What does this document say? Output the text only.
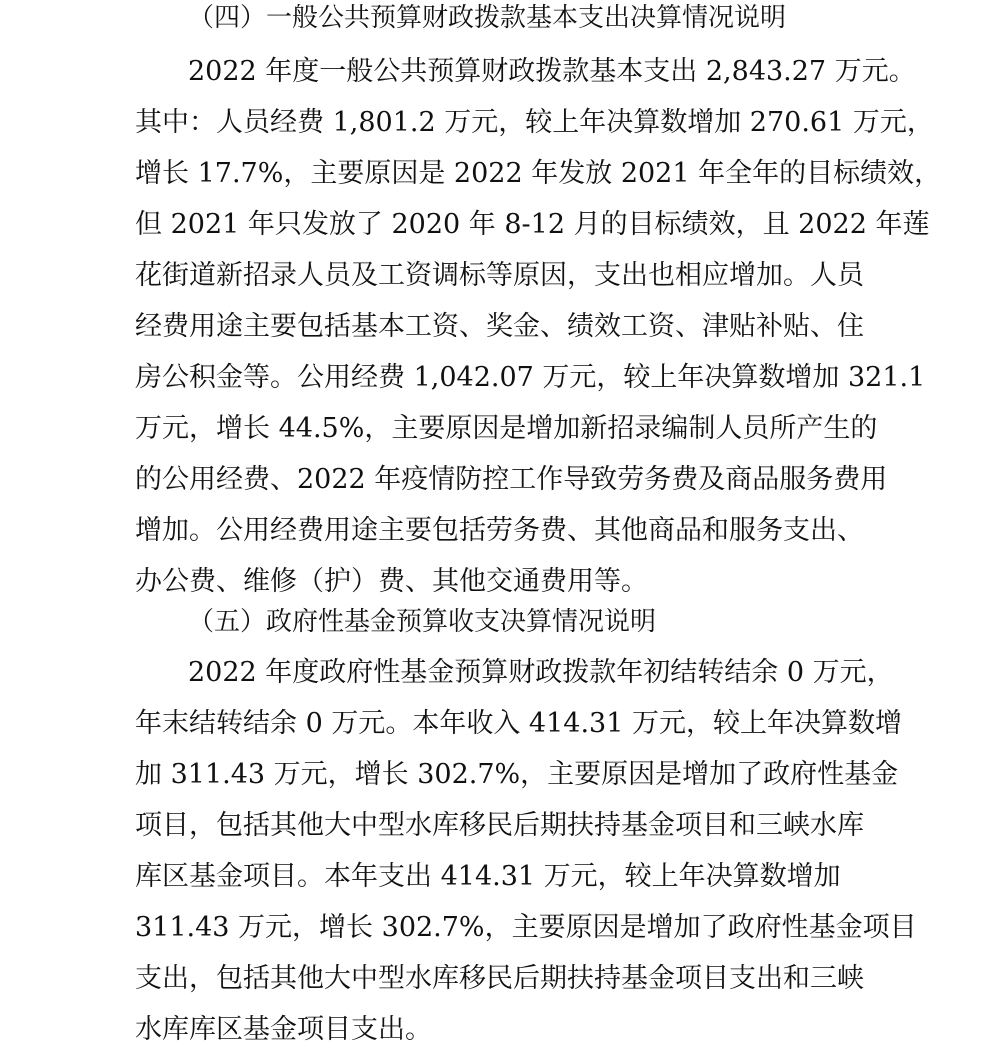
（四）一般公共预算财政拨款基本支出决算情况说明
2022 年度一般公共预算财政拨款基本支出 2,843.27 万元。
其中：人员经费 1,801.2 万元，较上年决算数增加 270.61 万元，
增长 17.7%，主要原因是 2022 年发放 2021 年全年的目标绩效，
但 2021 年只发放了 2020 年 8-12 月的目标绩效，且 2022 年莲
花街道新招录人员及工资调标等原因，支出也相应增加。人员
经费用途主要包括基本工资、奖金、绩效工资、津贴补贴、住
房公积金等。公用经费 1,042.07 万元，较上年决算数增加 321.1
万元，增长 44.5%，主要原因是增加新招录编制人员所产生的
的公用经费、2022 年疫情防控工作导致劳务费及商品服务费用
增加。公用经费用途主要包括劳务费、其他商品和服务支出、
办公费、维修（护）费、其他交通费用等。
（五）政府性基金预算收支决算情况说明
2022 年度政府性基金预算财政拨款年初结转结余 0 万元，
年末结转结余 0 万元。本年收入 414.31 万元，较上年决算数增
加 311.43 万元，增长 302.7%，主要原因是增加了政府性基金
项目，包括其他大中型水库移民后期扶持基金项目和三峡水库
库区基金项目。本年支出 414.31 万元，较上年决算数增加
311.43 万元，增长 302.7%，主要原因是增加了政府性基金项目
支出，包括其他大中型水库移民后期扶持基金项目支出和三峡
水库库区基金项目支出。
